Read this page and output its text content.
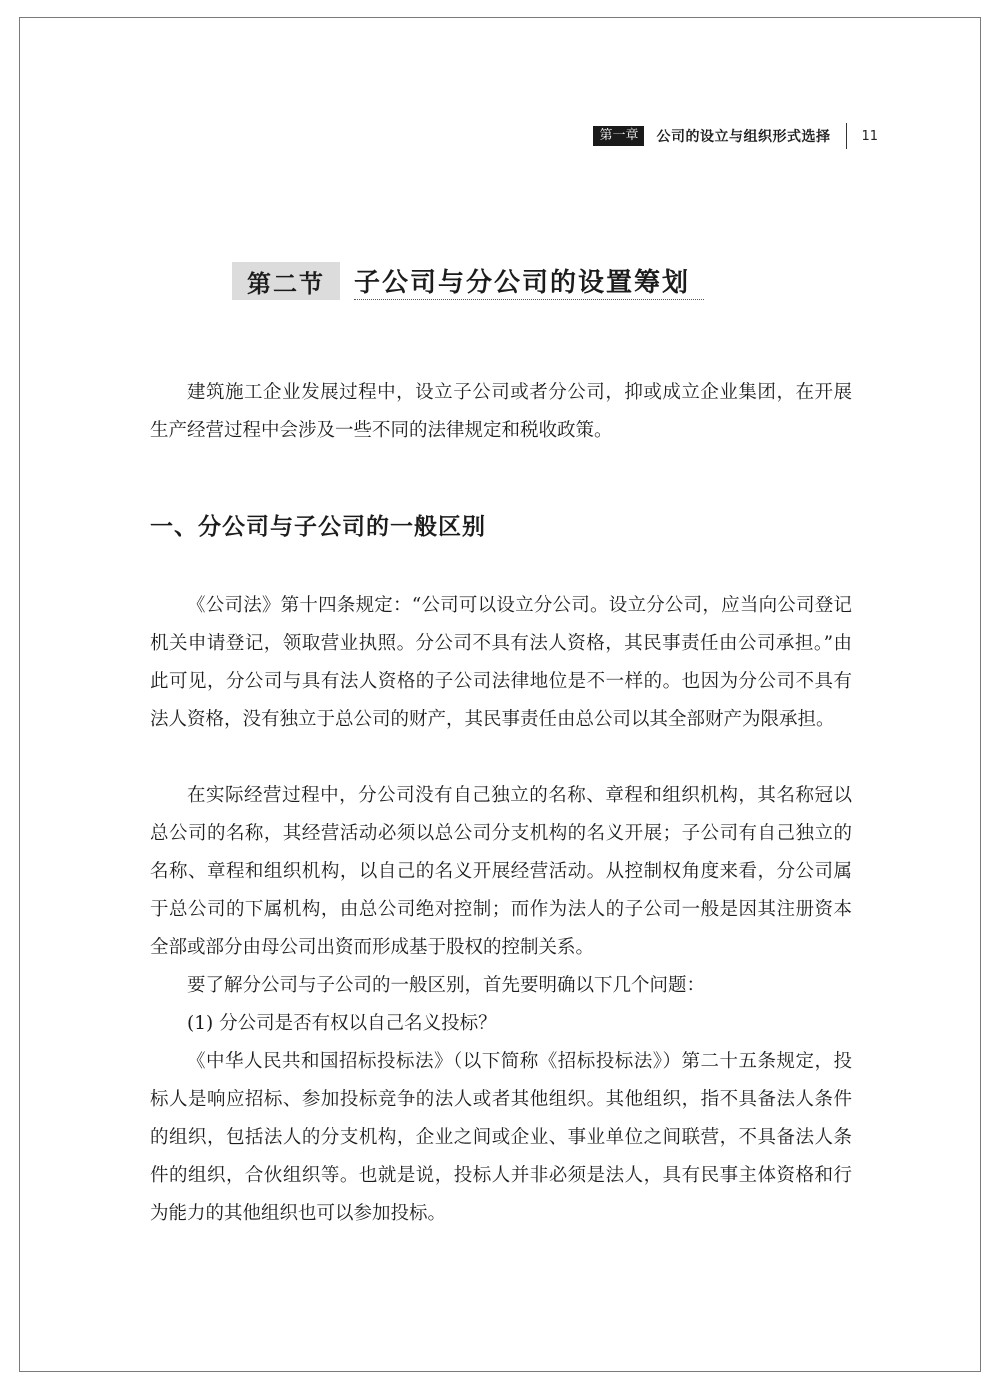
第一章	公司的设立与组织形式选择 11
第二节	子公司与分公司的设置筹划

建筑施工企业发展过程中，设立子公司或者分公司，抑或成立企业集团，在开展生产经营过程中会涉及一些不同的法律规定和税收政策。

一、分公司与子公司的一般区别

《公司法》第十四条规定：“公司可以设立分公司。设立分公司，应当向公司登记机关申请登记，领取营业执照。分公司不具有法人资格，其民事责任由公司承担。”由此可见，分公司与具有法人资格的子公司法律地位是不一样的。也因为分公司不具有法人资格，没有独立于总公司的财产，其民事责任由总公司以其全部财产为限承担。

在实际经营过程中，分公司没有自己独立的名称、章程和组织机构，其名称冠以总公司的名称，其经营活动必须以总公司分支机构的名义开展；子公司有自己独立的名称、章程和组织机构，以自己的名义开展经营活动。从控制权角度来看，分公司属于总公司的下属机构，由总公司绝对控制；而作为法人的子公司一般是因其注册资本全部或部分由母公司出资而形成基于股权的控制关系。

要了解分公司与子公司的一般区别，首先要明确以下几个问题：

(1) 分公司是否有权以自己名义投标？

《中华人民共和国招标投标法》（以下简称《招标投标法》）第二十五条规定，投标人是响应招标、参加投标竞争的法人或者其他组织。其他组织，指不具备法人条件的组织，包括法人的分支机构，企业之间或企业、事业单位之间联营，不具备法人条件的组织，合伙组织等。也就是说，投标人并非必须是法人，具有民事主体资格和行为能力的其他组织也可以参加投标。
